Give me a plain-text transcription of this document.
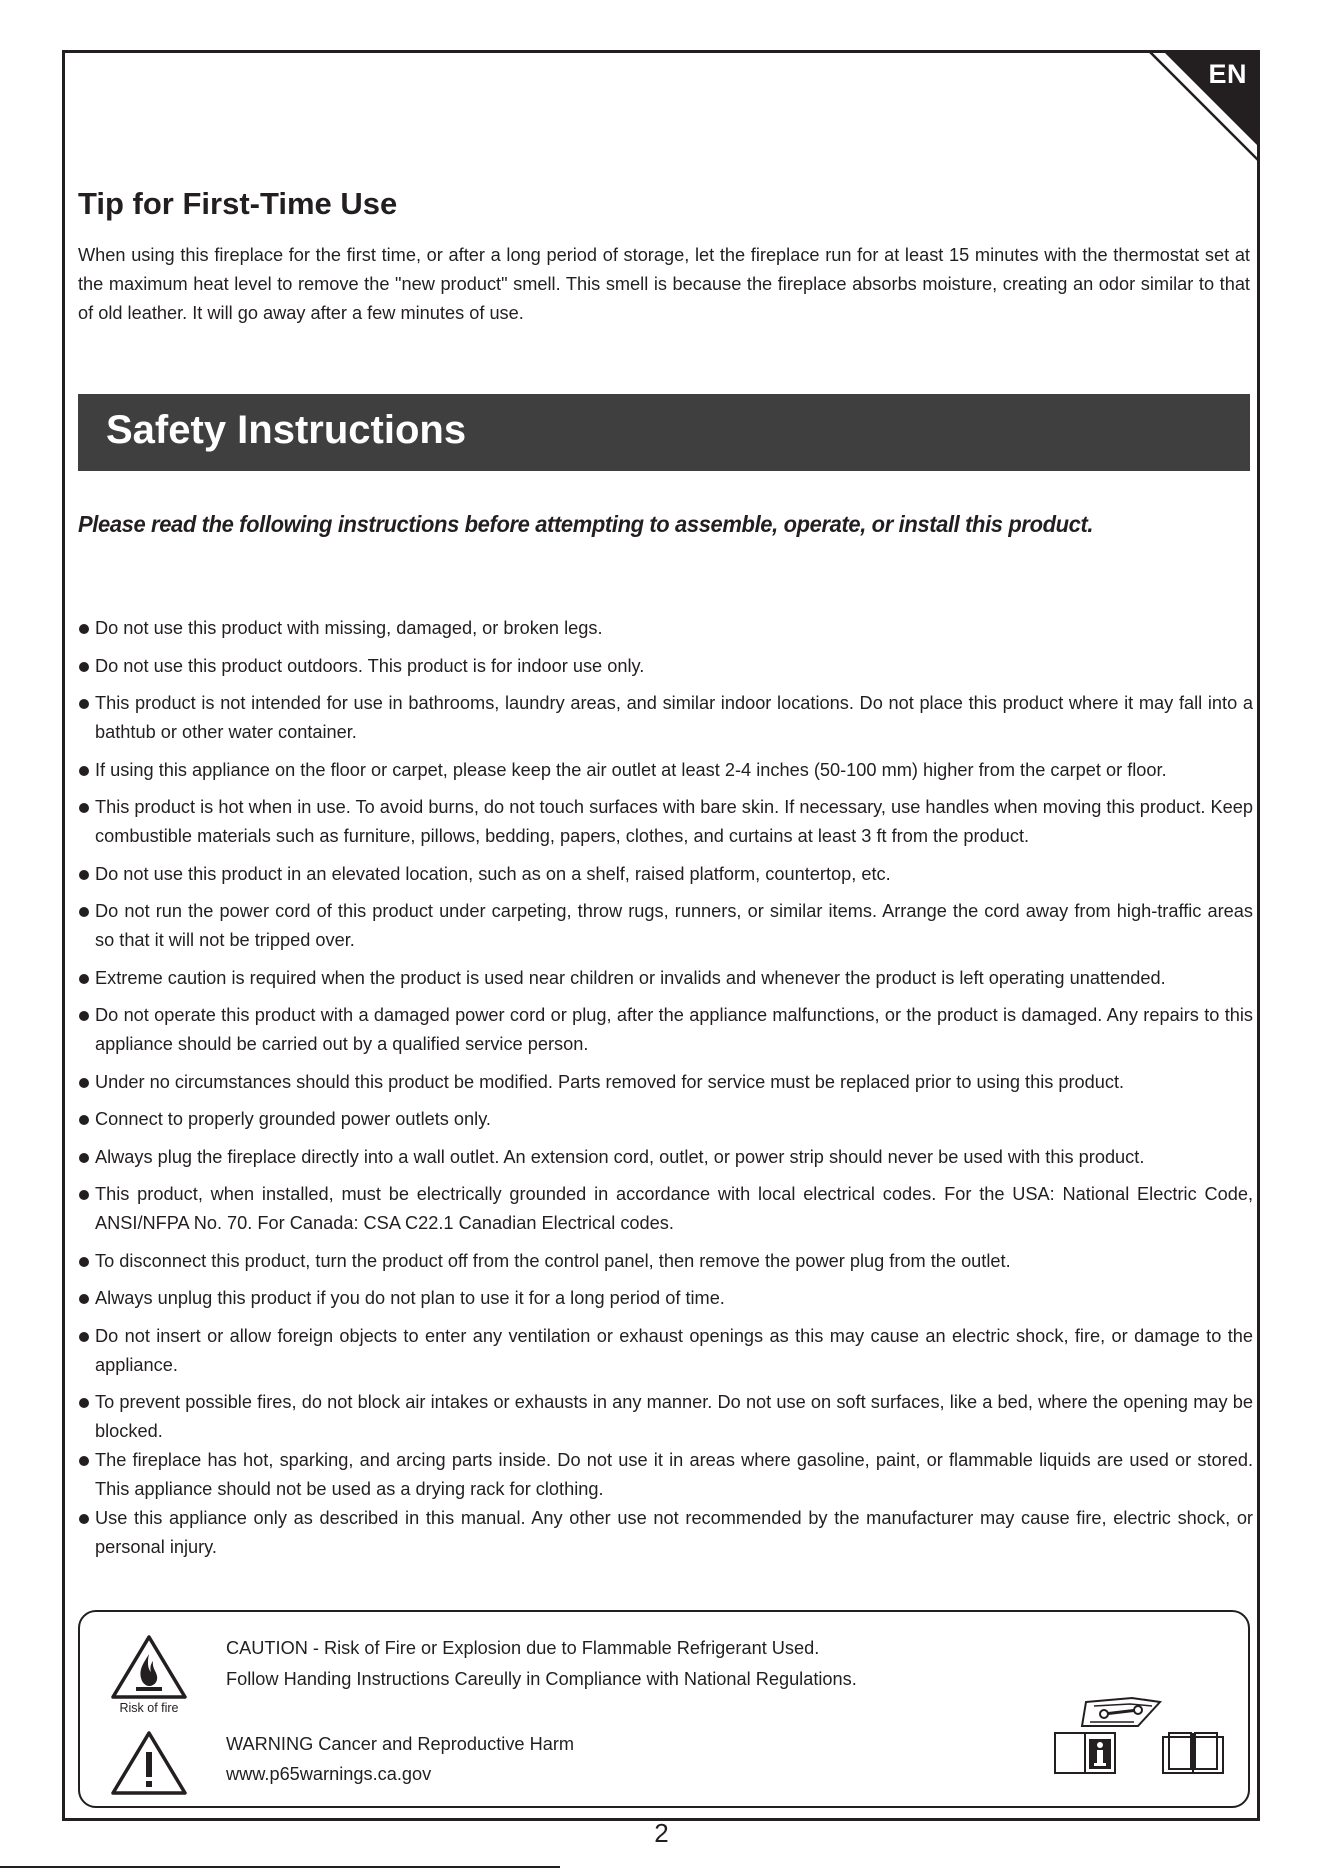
EN
Tip for First-Time Use

When using this fireplace for the first time, or after a long period of storage, let the fireplace run for at least 15 minutes with the thermostat set at the maximum heat level to remove the "new product" smell. This smell is because the fireplace absorbs moisture, creating an odor similar to that of old leather. It will go away after a few minutes of use.

Safety Instructions

Please read the following instructions before attempting to assemble, operate, or install this product.

Do not use this product with missing, damaged, or broken legs.
Do not use this product outdoors. This product is for indoor use only.
This product is not intended for use in bathrooms, laundry areas, and similar indoor locations. Do not place this product where it may fall into a bathtub or other water container.
If using this appliance on the floor or carpet, please keep the air outlet at least 2-4 inches (50-100 mm) higher from the carpet or floor.
This product is hot when in use. To avoid burns, do not touch surfaces with bare skin. If necessary, use handles when moving this product. Keep combustible materials such as furniture, pillows, bedding, papers, clothes, and curtains at least 3 ft from the product.
Do not use this product in an elevated location, such as on a shelf, raised platform, countertop, etc.
Do not run the power cord of this product under carpeting, throw rugs, runners, or similar items. Arrange the cord away from high-traffic areas so that it will not be tripped over.
Extreme caution is required when the product is used near children or invalids and whenever the product is left operating unattended.
Do not operate this product with a damaged power cord or plug, after the appliance malfunctions, or the product is damaged. Any repairs to this appliance should be carried out by a qualified service person.
Under no circumstances should this product be modified. Parts removed for service must be replaced prior to using this product.
Connect to properly grounded power outlets only.
Always plug the fireplace directly into a wall outlet. An extension cord, outlet, or power strip should never be used with this product.
This product, when installed, must be electrically grounded in accordance with local electrical codes. For the USA: National Electric Code, ANSI/NFPA No. 70. For Canada: CSA C22.1 Canadian Electrical codes.
To disconnect this product, turn the product off from the control panel, then remove the power plug from the outlet.
Always unplug this product if you do not plan to use it for a long period of time.
Do not insert or allow foreign objects to enter any ventilation or exhaust openings as this may cause an electric shock, fire, or damage to the appliance.
To prevent possible fires, do not block air intakes or exhausts in any manner. Do not use on soft surfaces, like a bed, where the opening may be blocked.
The fireplace has hot, sparking, and arcing parts inside. Do not use it in areas where gasoline, paint, or flammable liquids are used or stored. This appliance should not be used as a drying rack for clothing.
Use this appliance only as described in this manual. Any other use not recommended by the manufacturer may cause fire, electric shock, or personal injury.
Risk of fire

CAUTION - Risk of Fire or Explosion due to Flammable Refrigerant Used.

Follow Handing Instructions Careully in Compliance with National Regulations.

WARNING Cancer and Reproductive Harm

www.p65warnings.ca.gov

2
